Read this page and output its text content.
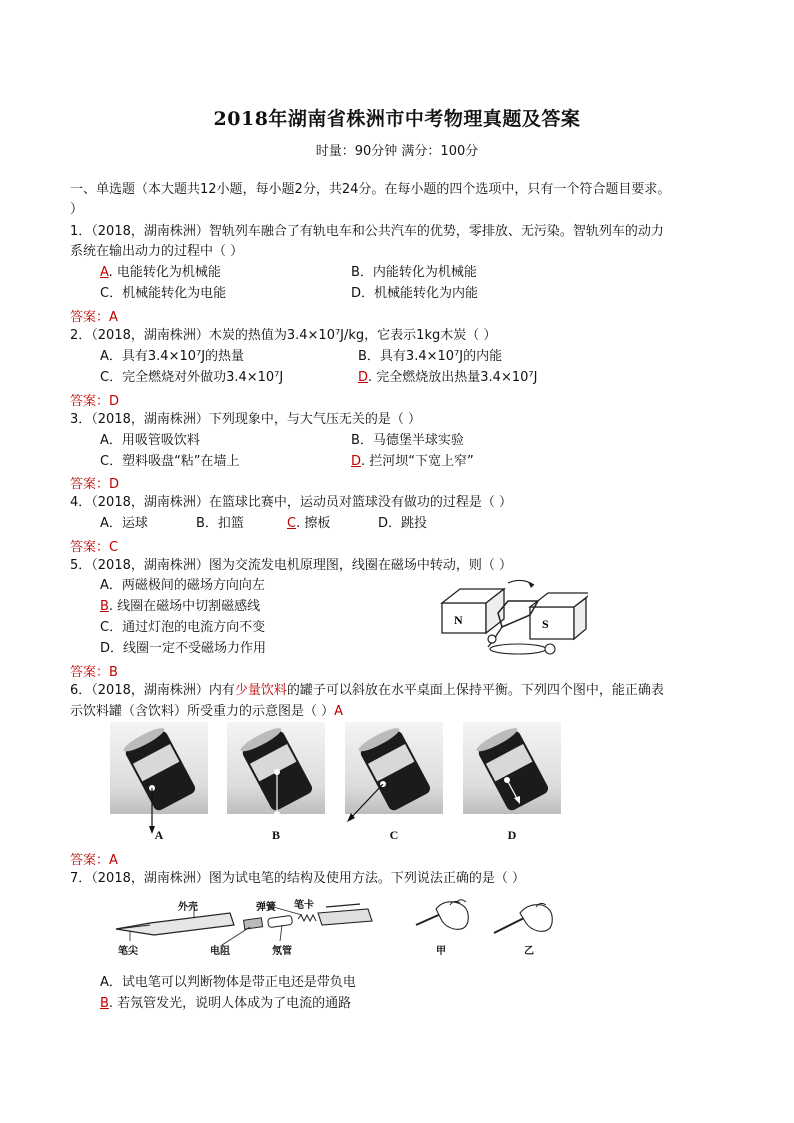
2018年湖南省株洲市中考物理真题及答案
时量：90分钟 满分：100分
一、单选题（本大题共12小题，每小题2分，共24分。在每小题的四个选项中，只有一个符合题目要求。
）
1．（2018，湖南株洲）智轨列车融合了有轨电车和公共汽车的优势，零排放、无污染。智轨列车的动力
系统在输出动力的过程中（ ）
A. 电能转化为机械能	B．内能转化为机械能
C．机械能转化为电能	D．机械能转化为内能
答案：A
2．（2018，湖南株洲）木炭的热值为3.4×10⁷J/kg，它表示1kg木炭（ ）
A．具有3.4×10⁷J的热量	B．具有3.4×10⁷J的内能
C．完全燃烧对外做功3.4×10⁷J	D. 完全燃烧放出热量3.4×10⁷J
答案：D
3．（2018，湖南株洲）下列现象中，与大气压无关的是（ ）
A．用吸管吸饮料	B．马德堡半球实验
C．塑料吸盘“粘”在墙上	D. 拦河坝“下宽上窄”
答案：D
4．（2018，湖南株洲）在篮球比赛中，运动员对篮球没有做功的过程是（ ）
A．运球	B．扣篮	C. 擦板	D．跳投
答案：C
5．（2018，湖南株洲）图为交流发电机原理图，线圈在磁场中转动，则（ ）
A．两磁极间的磁场方向向左
B. 线圈在磁场中切割磁感线
C．通过灯泡的电流方向不变
D．线圈一定不受磁场力作用
答案：B
N	S
6．（2018，湖南株洲）内有少量饮料的罐子可以斜放在水平桌面上保持平衡。下列四个图中，能正确表
示饮料罐（含饮料）所受重力的示意图是（ ）A
A	B	C	D
答案：A
7．（2018，湖南株洲）图为试电笔的结构及使用方法。下列说法正确的是（ ）
外壳
笔尖	电阻
弹簧 笔卡
氖管	甲	乙
A．试电笔可以判断物体是带正电还是带负电
B. 若氖管发光，说明人体成为了电流的通路
